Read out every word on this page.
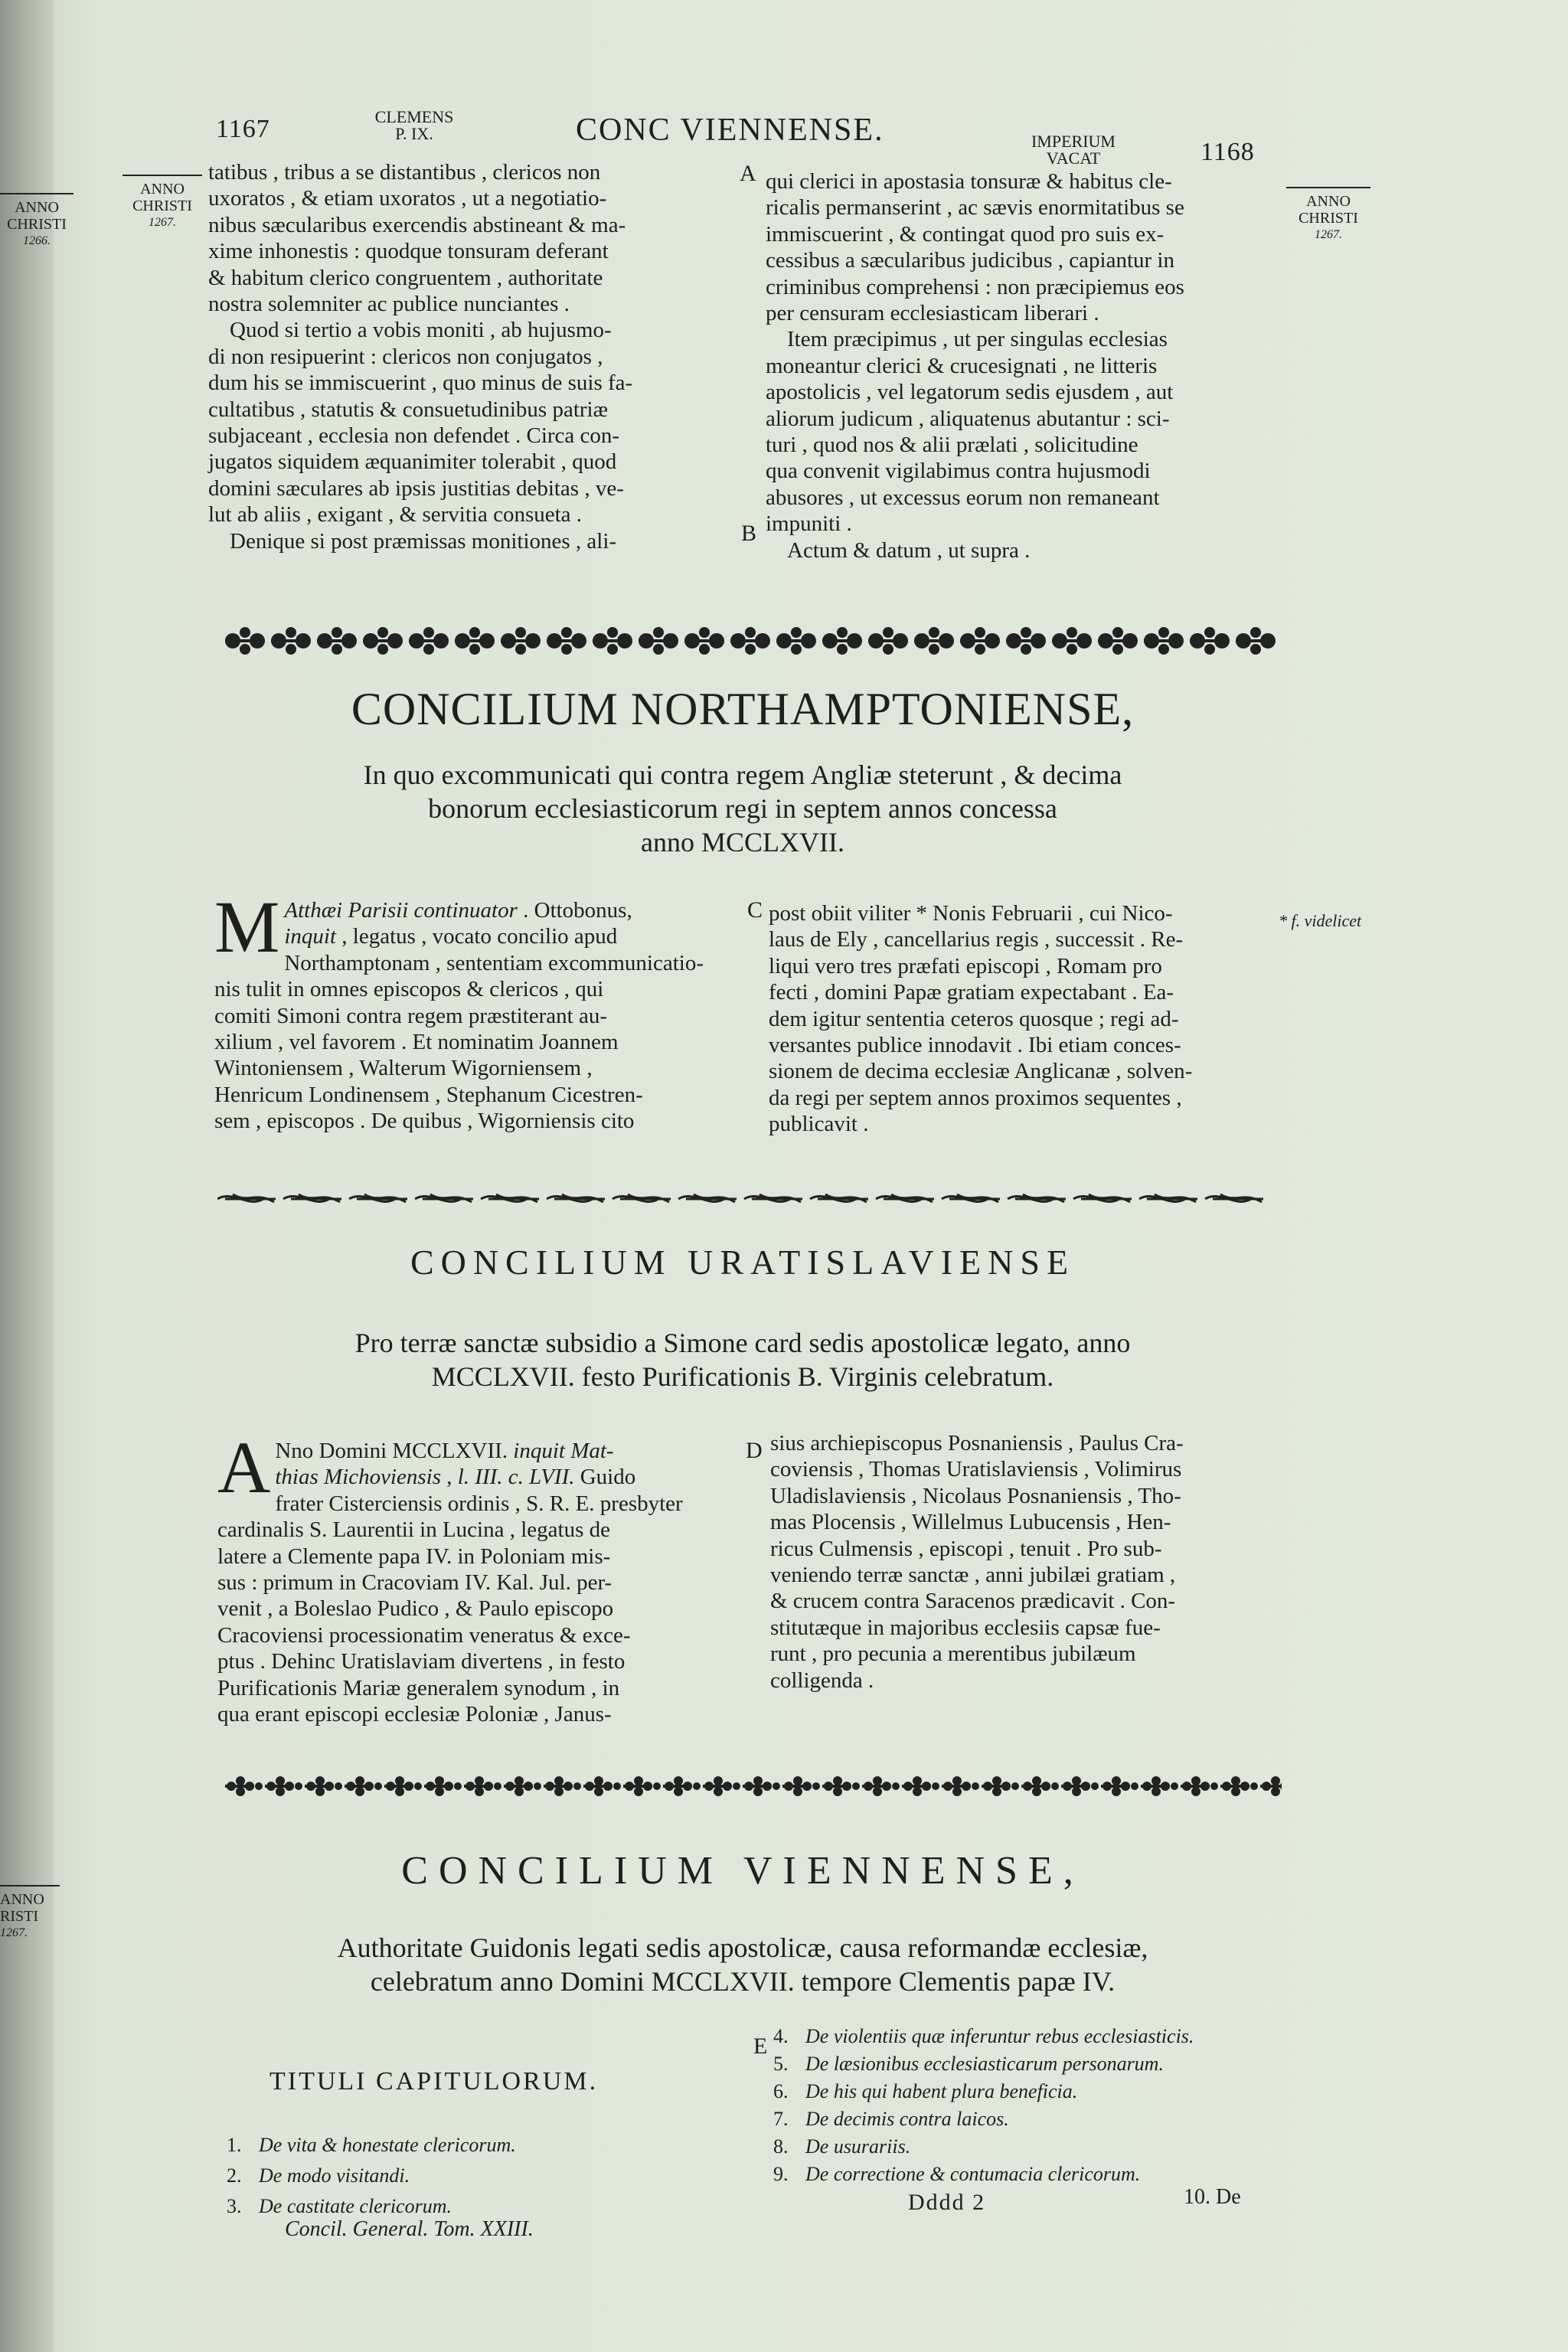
1167	CLEMENS
P. IX.	CONC VIENNENSE.	IMPERIUM
VACAT	1168
ANNO
CHRISTI
1266.
ANNO
CHRISTI
1267.
ANNO
CHRISTI
1267.
ANNO
RISTI
1267.
* f. videlicet

tatibus , tribus a se distantibus , clericos non

uxoratos , & etiam uxoratos , ut a negotiatio-

nibus sæcularibus exercendis abstineant & ma-

xime inhonestis : quodque tonsuram deferant

& habitum clerico congruentem , authoritate

nostra solemniter ac publice nunciantes .

Quod si tertio a vobis moniti , ab hujusmo-

di non resipuerint : clericos non conjugatos ,

dum his se immiscuerint , quo minus de suis fa-

cultatibus , statutis & consuetudinibus patriæ

subjaceant , ecclesia non defendet . Circa con-

jugatos siquidem æquanimiter tolerabit , quod

domini sæculares ab ipsis justitias debitas , ve-

lut ab aliis , exigant , & servitia consueta .

Denique si post præmissas monitiones , ali-

A
B

qui clerici in apostasia tonsuræ & habitus cle-

ricalis permanserint , ac sævis enormitatibus se

immiscuerint , & contingat quod pro suis ex-

cessibus a sæcularibus judicibus , capiantur in

criminibus comprehensi : non præcipiemus eos

per censuram ecclesiasticam liberari .

Item præcipimus , ut per singulas ecclesias

moneantur clerici & crucesignati , ne litteris

apostolicis , vel legatorum sedis ejusdem , aut

aliorum judicum , aliquatenus abutantur : sci-

turi , quod nos & alii prælati , solicitudine

qua convenit vigilabimus contra hujusmodi

abusores , ut excessus eorum non remaneant

impuniti .

Actum & datum , ut supra .

CONCILIUM NORTHAMPTONIENSE,
In quo excommunicati qui contra regem Angliæ steterunt , & decima
bonorum ecclesiasticorum regi in septem annos concessa
anno MCCLXVII.
M Atthæi Parisii continuator . Ottobonus,

inquit , legatus , vocato concilio apud

Northamptonam , sententiam excommunicatio-

nis tulit in omnes episcopos & clericos , qui

comiti Simoni contra regem præstiterant au-

xilium , vel favorem . Et nominatim Joannem

Wintoniensem , Walterum Wigorniensem ,

Henricum Londinensem , Stephanum Cicestren-

sem , episcopos . De quibus , Wigorniensis cito

C post obiit viliter * Nonis Februarii , cui Nico-

laus de Ely , cancellarius regis , successit . Re-

liqui vero tres præfati episcopi , Romam pro

fecti , domini Papæ gratiam expectabant . Ea-

dem igitur sententia ceteros quosque ; regi ad-

versantes publice innodavit . Ibi etiam conces-

sionem de decima ecclesiæ Anglicanæ , solven-

da regi per septem annos proximos sequentes ,

publicavit .

CONCILIUM URATISLAVIENSE
Pro terræ sanctæ subsidio a Simone card sedis apostolicæ legato, anno
MCCLXVII. festo Purificationis B. Virginis celebratum.
A Nno Domini MCCLXVII. inquit Mat-

thias Michoviensis , l. III. c. LVII. Guido

frater Cisterciensis ordinis , S. R. E. presbyter

cardinalis S. Laurentii in Lucina , legatus de

latere a Clemente papa IV. in Poloniam mis-

sus : primum in Cracoviam IV. Kal. Jul. per-

venit , a Boleslao Pudico , & Paulo episcopo

Cracoviensi processionatim veneratus & exce-

ptus . Dehinc Uratislaviam divertens , in festo

Purificationis Mariæ generalem synodum , in

qua erant episcopi ecclesiæ Poloniæ , Janus-

D sius archiepiscopus Posnaniensis , Paulus Cra-

coviensis , Thomas Uratislaviensis , Volimirus

Uladislaviensis , Nicolaus Posnaniensis , Tho-

mas Plocensis , Willelmus Lubucensis , Hen-

ricus Culmensis , episcopi , tenuit . Pro sub-

veniendo terræ sanctæ , anni jubilæi gratiam ,

& crucem contra Saracenos prædicavit . Con-

stitutæque in majoribus ecclesiis capsæ fue-

runt , pro pecunia a merentibus jubilæum

colligenda .

CONCILIUM VIENNENSE,
Authoritate Guidonis legati sedis apostolicæ, causa reformandæ ecclesiæ,
celebratum anno Domini MCCLXVII. tempore Clementis papæ IV.
TITULI CAPITULORUM.
1. De vita & honestate clericorum.
2. De modo visitandi.
3. De castitate clericorum.
E 4. De violentiis quæ inferuntur rebus ecclesiasticis.
5. De læsionibus ecclesiasticarum personarum.
6. De his qui habent plura beneficia.
7. De decimis contra laicos.
8. De usurariis.
9. De correctione & contumacia clericorum.
Concil. General. Tom. XXIII.
Dddd 2	10. De
